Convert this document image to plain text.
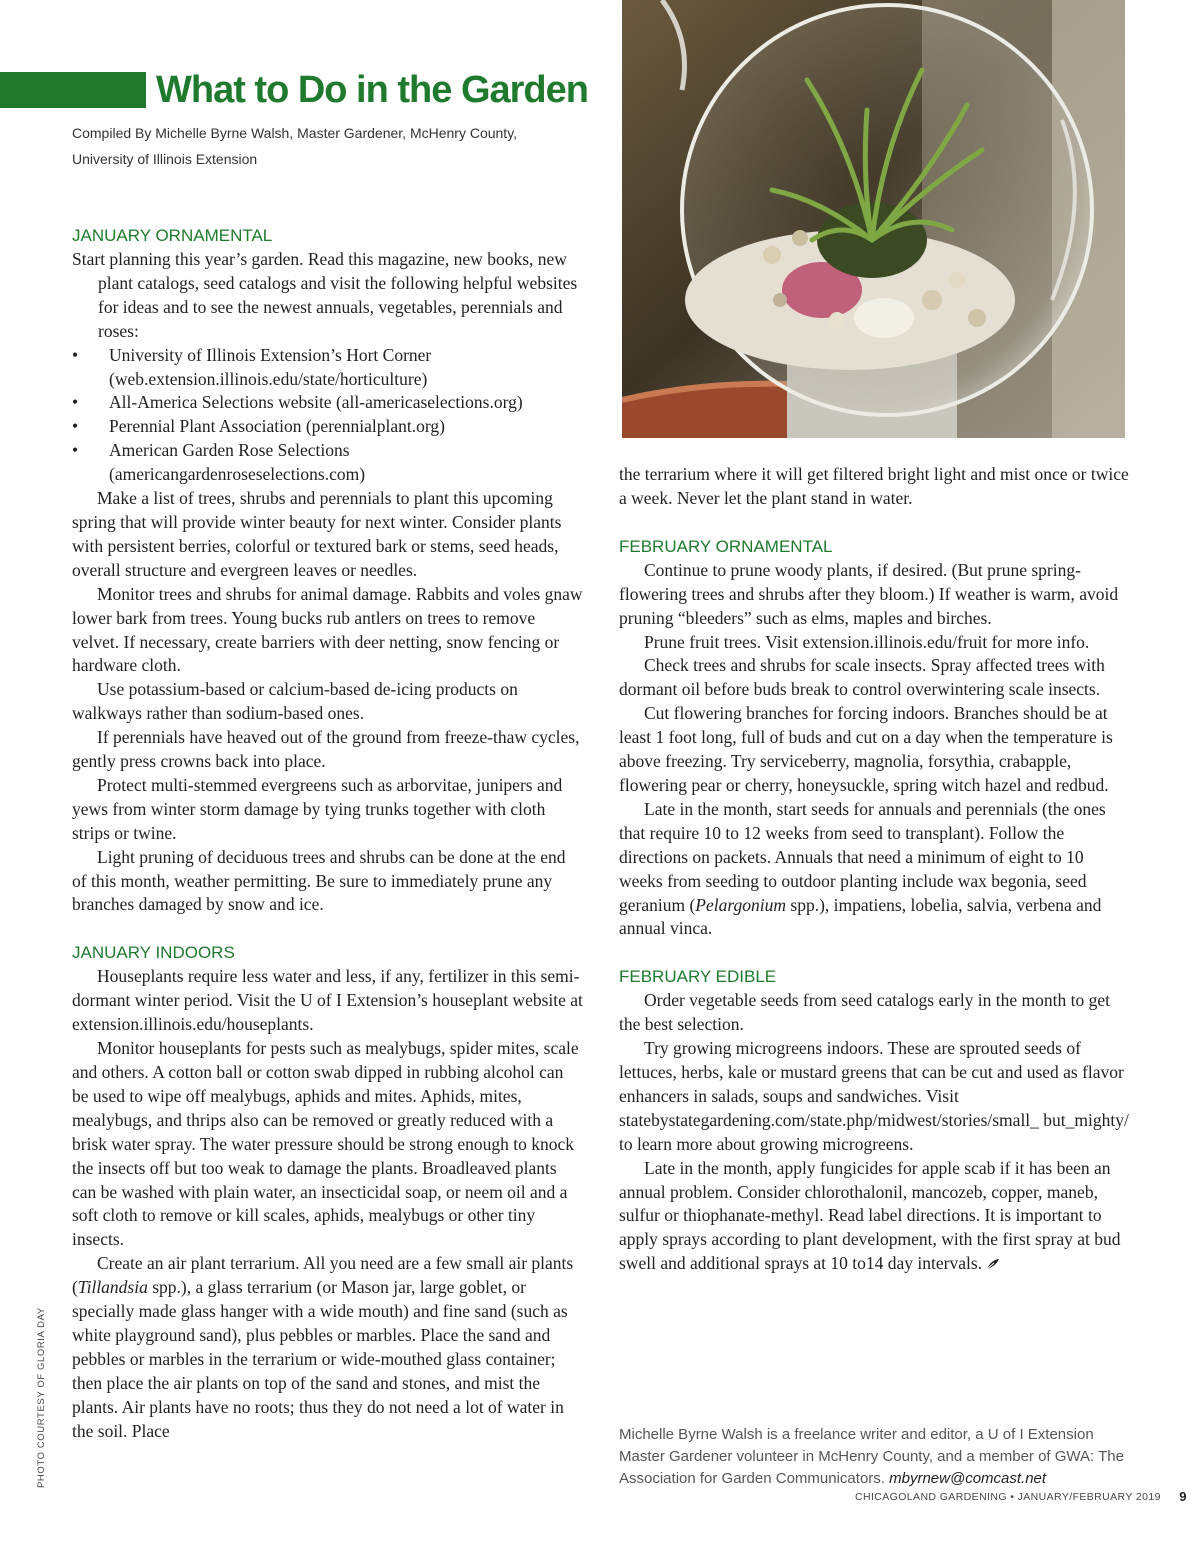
What to Do in the Garden
Compiled By Michelle Byrne Walsh, Master Gardener, McHenry County,
University of Illinois Extension
JANUARY ORNAMENTAL

Start planning this year’s garden. Read this magazine, new books, new plant catalogs, seed catalogs and visit the following helpful websites for ideas and to see the newest annuals, vegetables, perennials and roses:

• University of Illinois Extension’s Hort Corner (web.extension.illinois.edu/state/horticulture)
• All-America Selections website (all-americaselections.org)
• Perennial Plant Association (perennialplant.org)
• American Garden Rose Selections (americangardenroseselections.com)

Make a list of trees, shrubs and perennials to plant this upcoming spring that will provide winter beauty for next winter. Consider plants with persistent berries, colorful or textured bark or stems, seed heads, overall structure and evergreen leaves or needles.

Monitor trees and shrubs for animal damage. Rabbits and voles gnaw lower bark from trees. Young bucks rub antlers on trees to remove velvet. If necessary, create barriers with deer netting, snow fencing or hardware cloth.

Use potassium-based or calcium-based de-icing products on walkways rather than sodium-based ones.

If perennials have heaved out of the ground from freeze-thaw cycles, gently press crowns back into place.

Protect multi-stemmed evergreens such as arborvitae, junipers and yews from winter storm damage by tying trunks together with cloth strips or twine.

Light pruning of deciduous trees and shrubs can be done at the end of this month, weather permitting. Be sure to immediately prune any branches damaged by snow and ice.

JANUARY INDOORS

Houseplants require less water and less, if any, fertilizer in this semi-dormant winter period. Visit the U of I Extension’s houseplant website at extension.illinois.edu/houseplants.

Monitor houseplants for pests such as mealybugs, spider mites, scale and others. A cotton ball or cotton swab dipped in rubbing alcohol can be used to wipe off mealybugs, aphids and mites. Aphids, mites, mealybugs, and thrips also can be removed or greatly reduced with a brisk water spray. The water pressure should be strong enough to knock the insects off but too weak to damage the plants. Broadleaved plants can be washed with plain water, an insecticidal soap, or neem oil and a soft cloth to remove or kill scales, aphids, mealybugs or other tiny insects.

Create an air plant terrarium. All you need are a few small air plants (Tillandsia spp.), a glass terrarium (or Mason jar, large goblet, or specially made glass hanger with a wide mouth) and fine sand (such as white playground sand), plus pebbles or marbles. Place the sand and pebbles or marbles in the terrarium or wide-mouthed glass container; then place the air plants on top of the sand and stones, and mist the plants. Air plants have no roots; thus they do not need a lot of water in the soil. Place

the terrarium where it will get filtered bright light and mist once or twice a week. Never let the plant stand in water.

FEBRUARY ORNAMENTAL

Continue to prune woody plants, if desired. (But prune spring-flowering trees and shrubs after they bloom.) If weather is warm, avoid pruning “bleeders” such as elms, maples and birches.

Prune fruit trees. Visit extension.illinois.edu/fruit for more info.

Check trees and shrubs for scale insects. Spray affected trees with dormant oil before buds break to control overwintering scale insects.

Cut flowering branches for forcing indoors. Branches should be at least 1 foot long, full of buds and cut on a day when the temperature is above freezing. Try serviceberry, magnolia, forsythia, crabapple, flowering pear or cherry, honeysuckle, spring witch hazel and redbud.

Late in the month, start seeds for annuals and perennials (the ones that require 10 to 12 weeks from seed to transplant). Follow the directions on packets. Annuals that need a minimum of eight to 10 weeks from seeding to outdoor planting include wax begonia, seed geranium (Pelargonium spp.), impatiens, lobelia, salvia, verbena and annual vinca.

FEBRUARY EDIBLE

Order vegetable seeds from seed catalogs early in the month to get the best selection.

Try growing microgreens indoors. These are sprouted seeds of lettuces, herbs, kale or mustard greens that can be cut and used as flavor enhancers in salads, soups and sandwiches. Visit statebystategardening.com/state.php/midwest/stories/small_ but_mighty/ to learn more about growing microgreens.

Late in the month, apply fungicides for apple scab if it has been an annual problem. Consider chlorothalonil, mancozeb, copper, maneb, sulfur or thiophanate-methyl. Read label directions. It is important to apply sprays according to plant development, with the first spray at bud swell and additional sprays at 10 to14 day intervals.

Michelle Byrne Walsh is a freelance writer and editor, a U of I Extension Master Gardener volunteer in McHenry County, and a member of GWA: The Association for Garden Communicators. mbyrnew@comcast.net
PHOTO COURTESY OF GLORIA DAY
CHICAGOLAND GARDENING • JANUARY/FEBRUARY 2019 9
